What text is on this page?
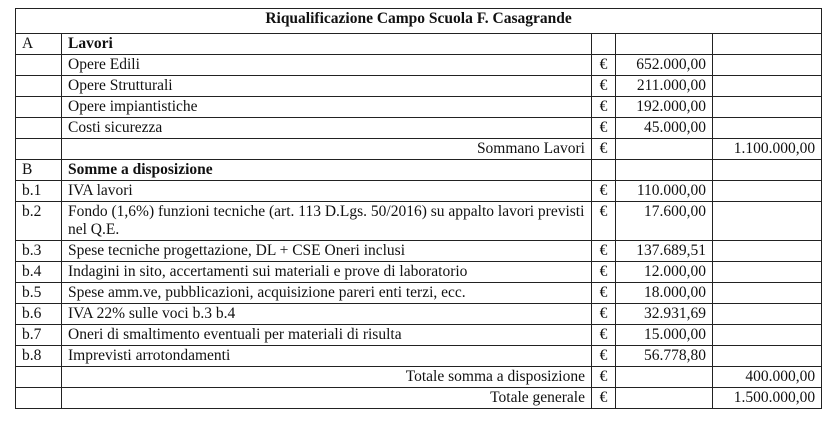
Riqualificazione Campo Scuola F. Casagrande				
A	Lavori			
	Opere Edili	€	652.000,00	
	Opere Strutturali	€	211.000,00	
	Opere impiantistiche	€	192.000,00	
	Costi sicurezza	€	45.000,00	
	Sommano Lavori	€		1.100.000,00
B	Somme a disposizione			
b.1	IVA lavori	€	110.000,00	
b.2	Fondo (1,6%) funzioni tecniche (art. 113 D.Lgs. 50/2016) su appalto lavori previsti nel Q.E.	€	17.600,00	
b.3	Spese tecniche progettazione, DL + CSE Oneri inclusi	€	137.689,51	
b.4	Indagini in sito, accertamenti sui materiali e prove di laboratorio	€	12.000,00	
b.5	Spese amm.ve, pubblicazioni, acquisizione pareri enti terzi, ecc.	€	18.000,00	
b.6	IVA 22% sulle voci b.3 b.4	€	32.931,69	
b.7	Oneri di smaltimento eventuali per materiali di risulta	€	15.000,00	
b.8	Imprevisti arrotondamenti	€	56.778,80	
	Totale somma a disposizione	€		400.000,00
	Totale generale	€		1.500.000,00
